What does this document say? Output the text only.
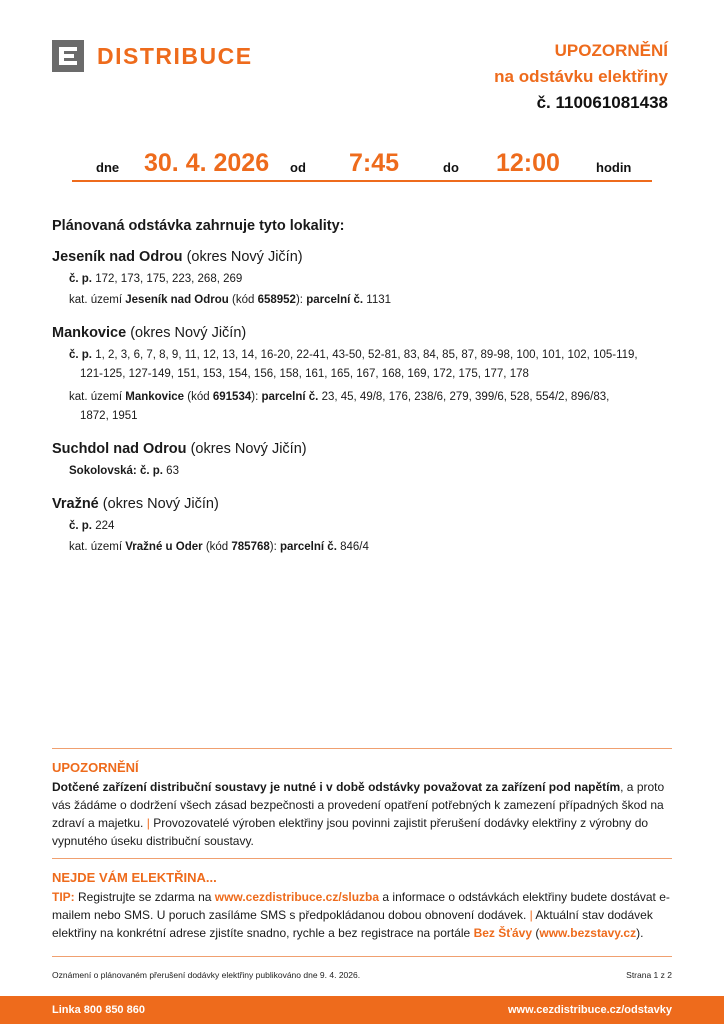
DISTRIBUCE	UPOZORNĚNÍ
na odstávku elektřiny
č. 110061081438
dne 30. 4. 2026 od 7:45	do 12:00	hodin
Plánovaná odstávka zahrnuje tyto lokality:
Jeseník nad Odrou (okres Nový Jičín)
č. p. 172, 173, 175, 223, 268, 269
kat. území Jeseník nad Odrou (kód 658952): parcelní č. 1131
Mankovice (okres Nový Jičín)
č. p. 1, 2, 3, 6, 7, 8, 9, 11, 12, 13, 14, 16-20, 22-41, 43-50, 52-81, 83, 84, 85, 87, 89-98, 100, 101, 102, 105-119,
121-125, 127-149, 151, 153, 154, 156, 158, 161, 165, 167, 168, 169, 172, 175, 177, 178
kat. území Mankovice (kód 691534): parcelní č. 23, 45, 49/8, 176, 238/6, 279, 399/6, 528, 554/2, 896/83,
1872, 1951
Suchdol nad Odrou (okres Nový Jičín)
Sokolovská: č. p. 63
Vražné (okres Nový Jičín)
č. p. 224
kat. území Vražné u Oder (kód 785768): parcelní č. 846/4
UPOZORNĚNÍ
Dotčené zařízení distribuční soustavy je nutné i v době odstávky považovat za zařízení pod napětím, a proto vás žádáme o dodržení všech zásad bezpečnosti a provedení opatření potřebných k zamezení případných škod na zdraví a majetku. | Provozovatelé výroben elektřiny jsou povinni zajistit přerušení dodávky elektřiny z výrobny do vypnutého úseku distribuční soustavy.
NEJDE VÁM ELEKTŘINA...
TIP: Registrujte se zdarma na www.cezdistribuce.cz/sluzba a informace o odstávkách elektřiny budete dostávat e-mailem nebo SMS. U poruch zasíláme SMS s předpokládanou dobou obnovení dodávek. | Aktuální stav dodávek elektřiny na konkrétní adrese zjistíte snadno, rychle a bez registrace na portále Bez Šťávy (www.bezstavy.cz).
Oznámení o plánovaném přerušení dodávky elektřiny publikováno dne 9. 4. 2026.	Strana 1 z 2
Linka 800 850 860	www.cezdistribuce.cz/odstavky
